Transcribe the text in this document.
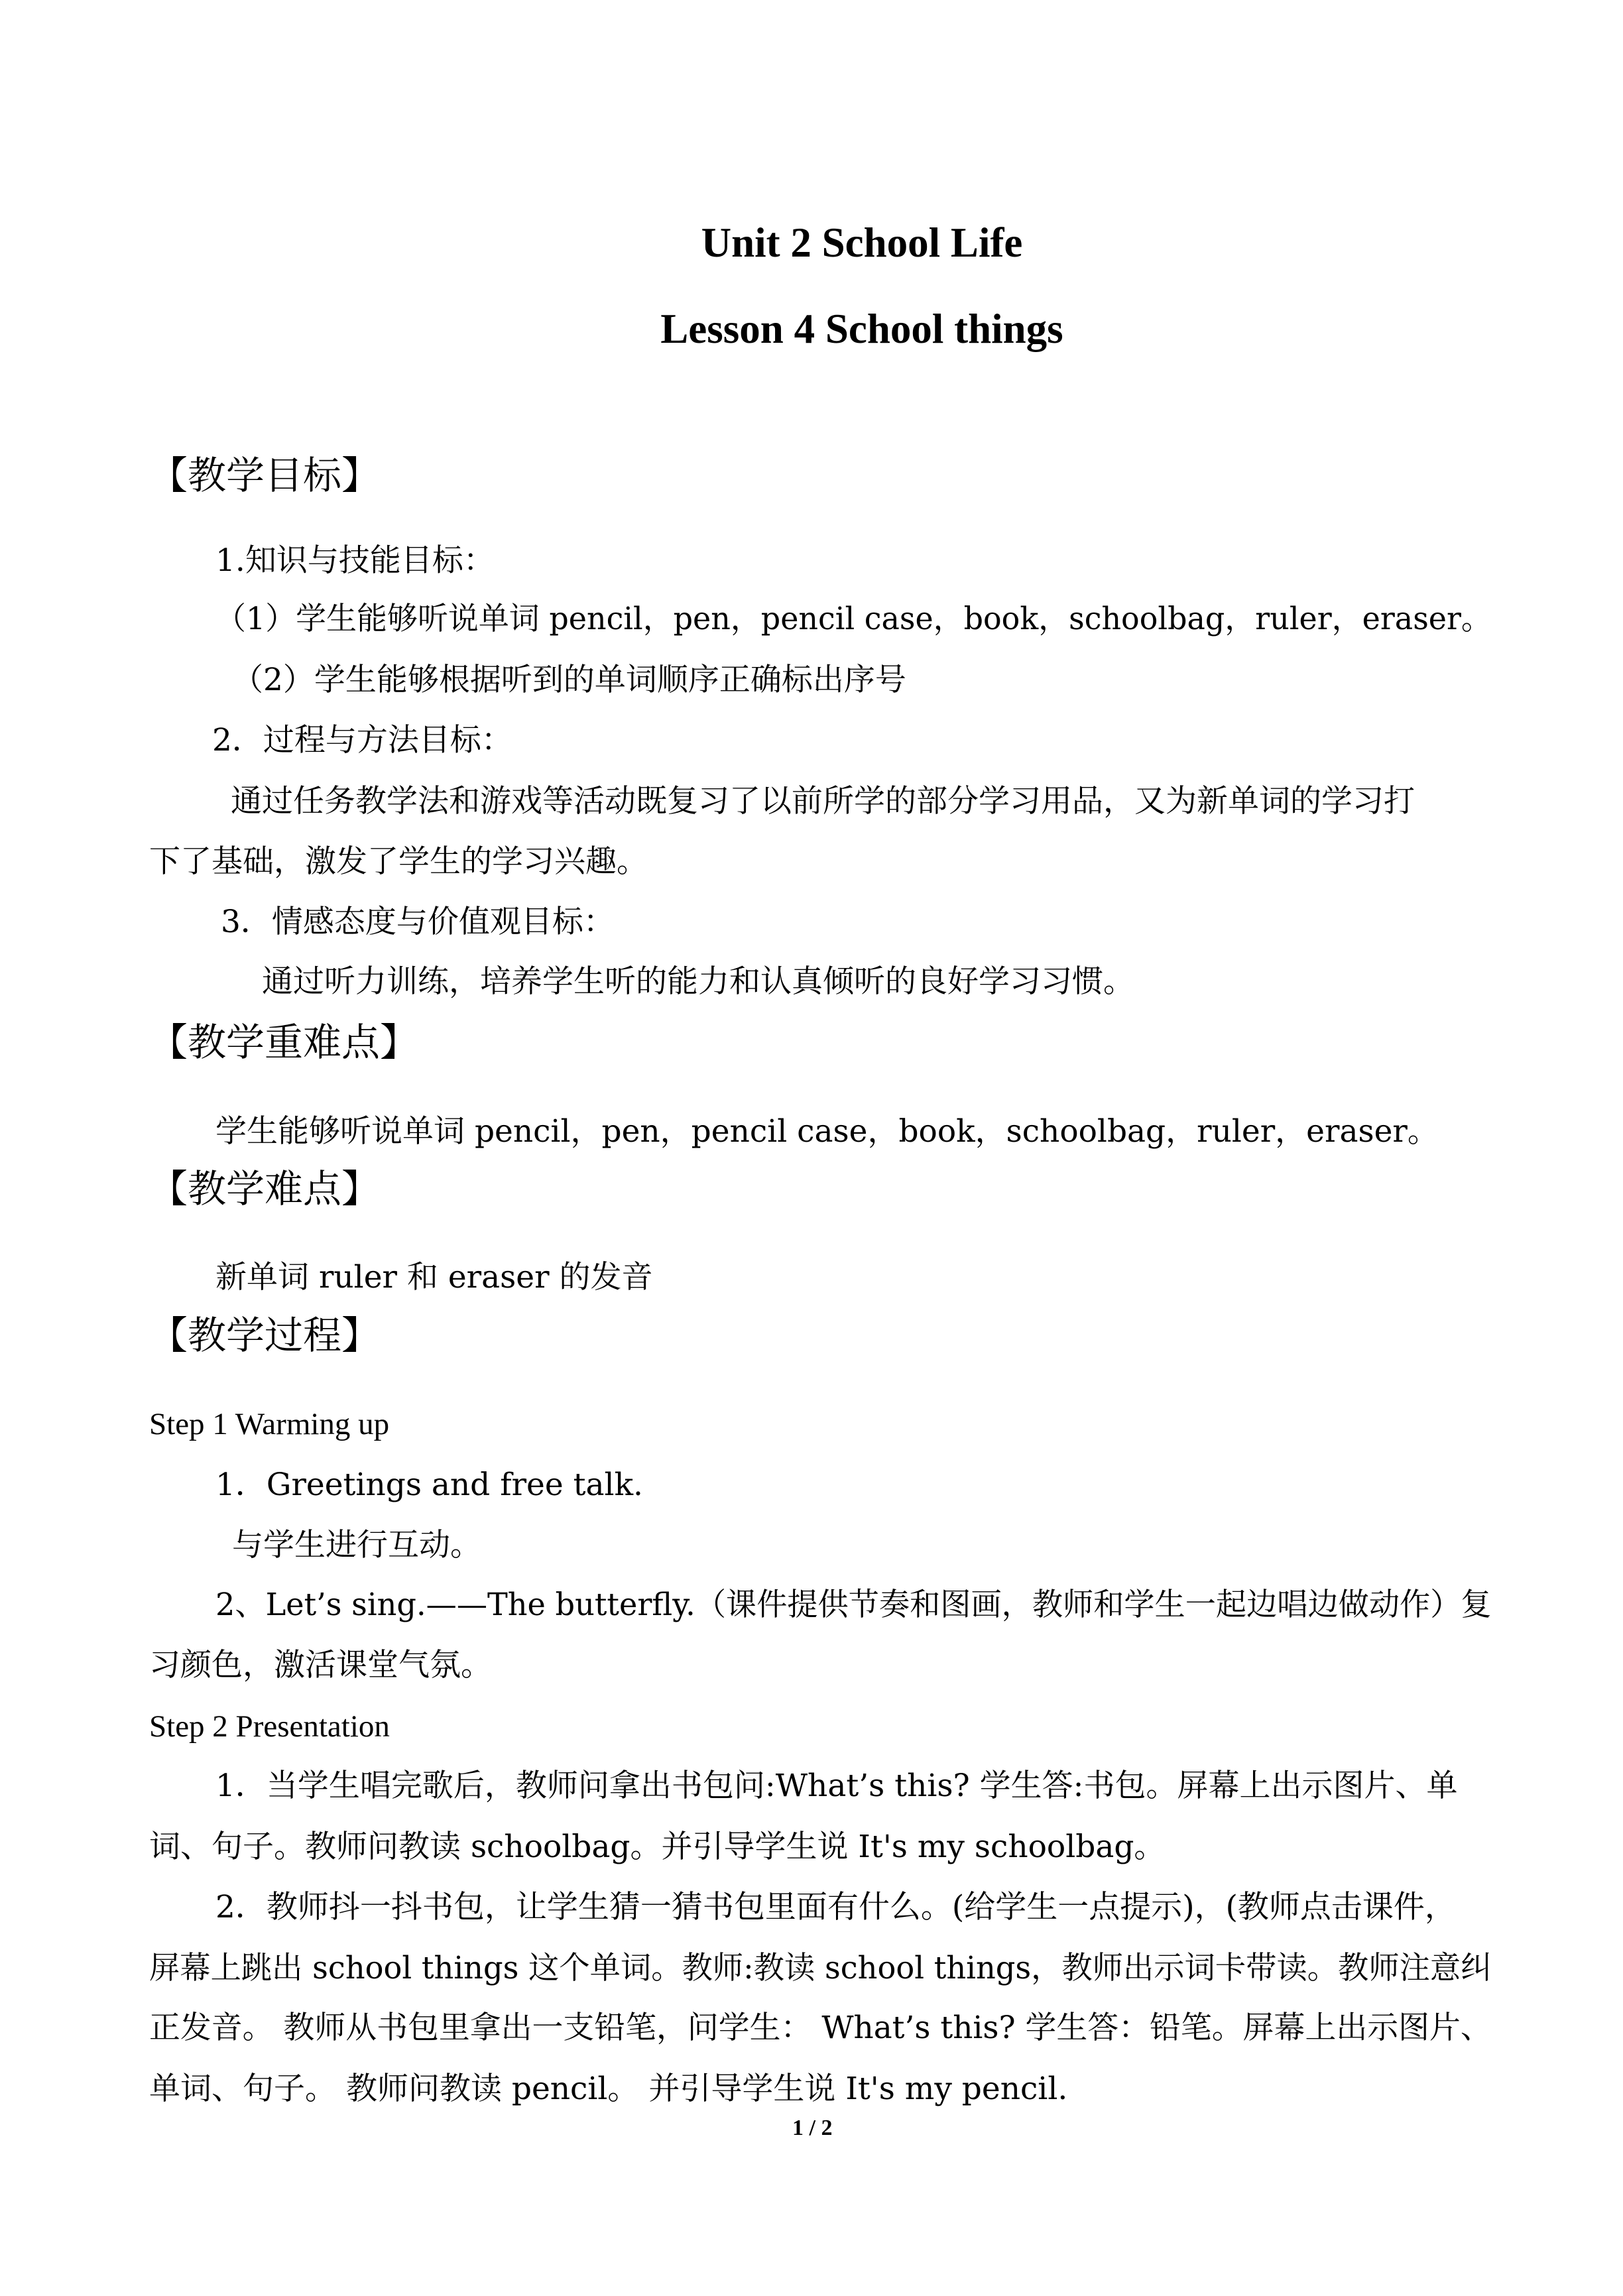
Unit 2 School Life
Lesson 4 School things
【教学目标】
1.知识与技能目标：
（1）学生能够听说单词 pencil，pen，pencil case，book，schoolbag，ruler，eraser。
（2）学生能够根据听到的单词顺序正确标出序号
2．过程与方法目标：
通过任务教学法和游戏等活动既复习了以前所学的部分学习用品，又为新单词的学习打
下了基础，激发了学生的学习兴趣。
3．情感态度与价值观目标：
通过听力训练，培养学生听的能力和认真倾听的良好学习习惯。
【教学重难点】
学生能够听说单词 pencil，pen，pencil case，book，schoolbag，ruler，eraser。
【教学难点】
新单词 ruler 和 eraser 的发音
【教学过程】
Step 1 Warming up
1．Greetings and free talk.
与学生进行互动。
2、Let’s sing.——The butterfly.（课件提供节奏和图画，教师和学生一起边唱边做动作）复
习颜色，激活课堂气氛。
Step 2 Presentation
1．当学生唱完歌后，教师问拿出书包问:What’s this? 学生答:书包。屏幕上出示图片、单
词、句子。教师问教读 schoolbag。并引导学生说 It's my schoolbag。
2．教师抖一抖书包，让学生猜一猜书包里面有什么。(给学生一点提示)，(教师点击课件，
屏幕上跳出 school things 这个单词。教师:教读 school things，教师出示词卡带读。教师注意纠
正发音。 教师从书包里拿出一支铅笔，问学生： What’s this? 学生答：铅笔。屏幕上出示图片、
单词、句子。 教师问教读 pencil。 并引导学生说 It's my pencil.
1 / 2
